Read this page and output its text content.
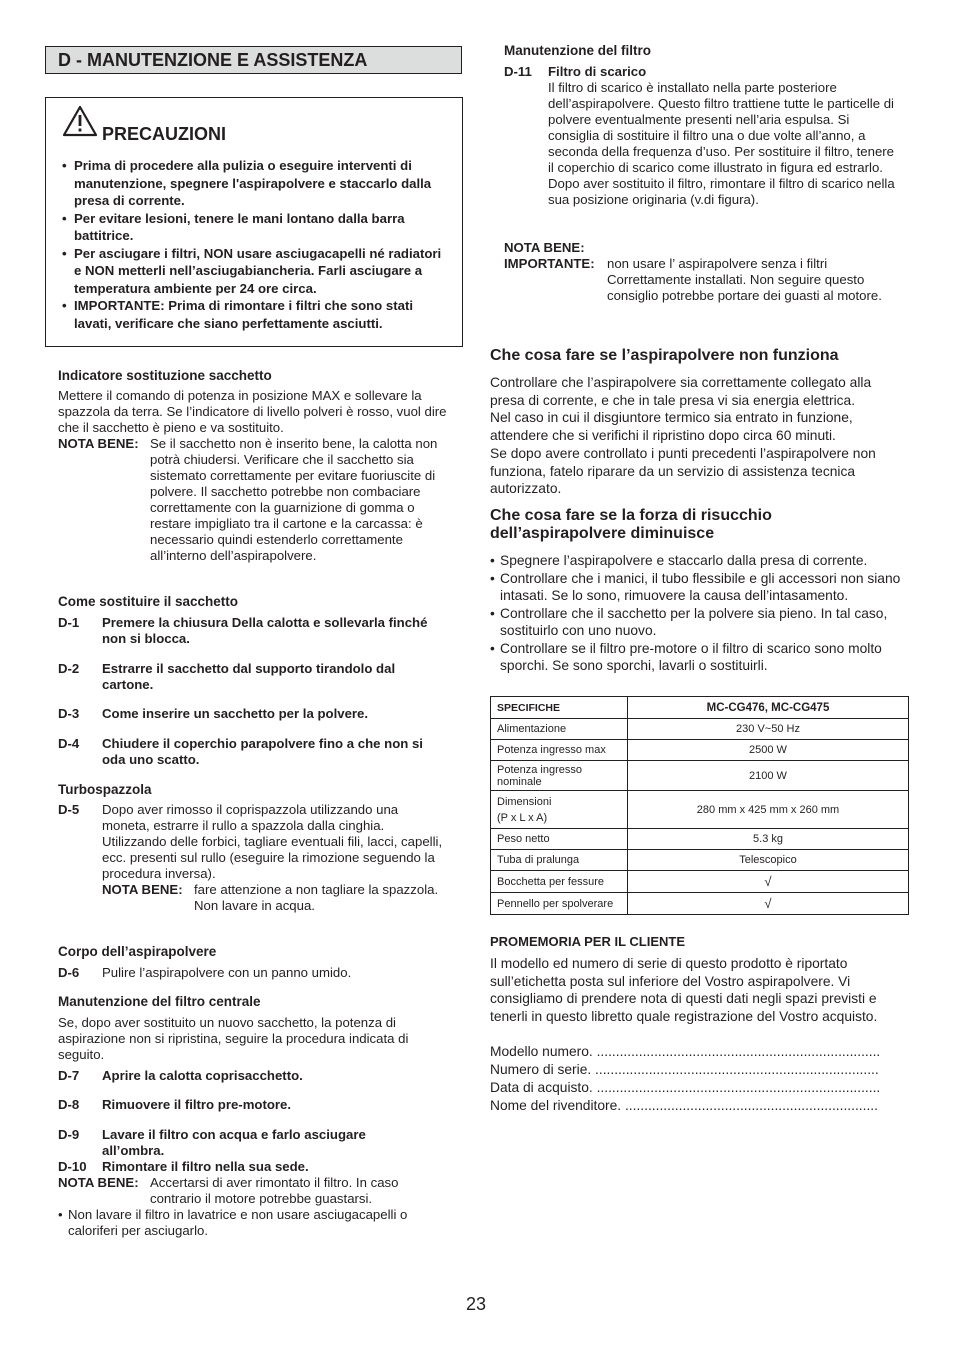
D - MANUTENZIONE E ASSISTENZA
PRECAUZIONI
• Prima di procedere alla pulizia o eseguire interventi di manutenzione, spegnere l'aspirapolvere e staccarlo dalla presa di corrente.
• Per evitare lesioni, tenere le mani lontano dalla barra battitrice.
• Per asciugare i filtri, NON usare asciugacapelli né radiatori e NON metterli nell’asciugabiancheria. Farli asciugare a temperatura ambiente per 24 ore circa.
• IMPORTANTE: Prima di rimontare i filtri che sono stati lavati, verificare che siano perfettamente asciutti.

Indicatore sostituzione sacchetto

Mettere il comando di potenza in posizione MAX e sollevare la spazzola da terra. Se l’indicatore di livello polveri è rosso, vuol dire che il sacchetto è pieno e va sostituito.

NOTA BENE: Se il sacchetto non è inserito bene, la calotta non potrà chiudersi. Verificare che il sacchetto sia sistemato correttamente per evitare fuoriuscite di polvere. Il sacchetto potrebbe non combaciare correttamente con la guarnizione di gomma o restare impigliato tra il cartone e la carcassa: è necessario quindi estenderlo correttamente all’interno dell’aspirapolvere.

Come sostituire il sacchetto

D-1 Premere la chiusura Della calotta e sollevarla finché non si blocca.
D-2 Estrarre il sacchetto dal supporto tirandolo dal cartone.
D-3 Come inserire un sacchetto per la polvere.
D-4 Chiudere il coperchio parapolvere fino a che non si oda uno scatto.

Turbospazzola

D-5 Dopo aver rimosso il coprispazzola utilizzando una moneta, estrarre il rullo a spazzola dalla cinghia. Utilizzando delle forbici, tagliare eventuali fili, lacci, capelli, ecc. presenti sul rullo (eseguire la rimozione seguendo la procedura inversa).
NOTA BENE: fare attenzione a non tagliare la spazzola.
Non lavare in acqua.

Corpo dell’aspirapolvere

D-6 Pulire l’aspirapolvere con un panno umido.

Manutenzione del filtro centrale

Se, dopo aver sostituito un nuovo sacchetto, la potenza di aspirazione non si ripristina, seguire la procedura indicata di seguito.

D-7 Aprire la calotta coprisacchetto.
D-8 Rimuovere il filtro pre-motore.
D-9 Lavare il filtro con acqua e farlo asciugare all’ombra.
D-10 Rimontare il filtro nella sua sede.
NOTA BENE: Accertarsi di aver rimontato il filtro. In caso contrario il motore potrebbe guastarsi.
• Non lavare il filtro in lavatrice e non usare asciugacapelli o caloriferi per asciugarlo.

Manutenzione del filtro

D-11 Filtro di scarico
Il filtro di scarico è installato nella parte posteriore dell’aspirapolvere. Questo filtro trattiene tutte le particelle di polvere eventualmente presenti nell’aria espulsa. Si consiglia di sostituire il filtro una o due volte all’anno, a seconda della frequenza d’uso. Per sostituire il filtro, tenere il coperchio di scarico come illustrato in figura ed estrarlo. Dopo aver sostituito il filtro, rimontare il filtro di scarico nella sua posizione originaria (v.di figura).
NOTA BENE:
IMPORTANTE: non usare l’ aspirapolvere senza i filtri Correttamente installati. Non seguire questo consiglio potrebbe portare dei guasti al motore.

Che cosa fare se l’aspirapolvere non funziona

Controllare che l’aspirapolvere sia correttamente collegato alla presa di corrente, e che in tale presa vi sia energia elettrica.
Nel caso in cui il disgiuntore termico sia entrato in funzione, attendere che si verifichi il ripristino dopo circa 60 minuti.
Se dopo avere controllato i punti precedenti l’aspirapolvere non funziona, fatelo riparare da un servizio di assistenza tecnica autorizzato.
Che cosa fare se la forza di risucchio
dell’aspirapolvere diminuisce
• Spegnere l’aspirapolvere e staccarlo dalla presa di corrente.
• Controllare che i manici, il tubo flessibile e gli accessori non siano intasati. Se lo sono, rimuovere la causa dell’intasamento.
• Controllare che il sacchetto per la polvere sia pieno. In tal caso, sostituirlo con uno nuovo.
• Controllare se il filtro pre-motore o il filtro di scarico sono molto sporchi. Se sono sporchi, lavarli o sostituirli.
SPECIFICHE	MC-CG476, MC-CG475
Alimentazione	230 V~50 Hz
Potenza ingresso max	2500 W
Potenza ingresso nominale	2100 W

Dimensioni
(P x L x A)	280 mm x 425 mm x 260 mm
Peso netto	5.3 kg
Tuba di pralunga	Telescopico
Bocchetta per fessure	√
Pennello per spolverare	√

PROMEMORIA PER IL CLIENTE

Il modello ed numero di serie di questo prodotto è riportato sull’etichetta posta sul inferiore del Vostro aspirapolvere. Vi consigliamo di prendere nota di questi dati negli spazi previsti e tenerli in questo libretto quale registrazione del Vostro acquisto.

Modello numero. ..........................................................................
Numero di serie. ..........................................................................
Data di acquisto. ..........................................................................
Nome del rivenditore. ..................................................................
23
